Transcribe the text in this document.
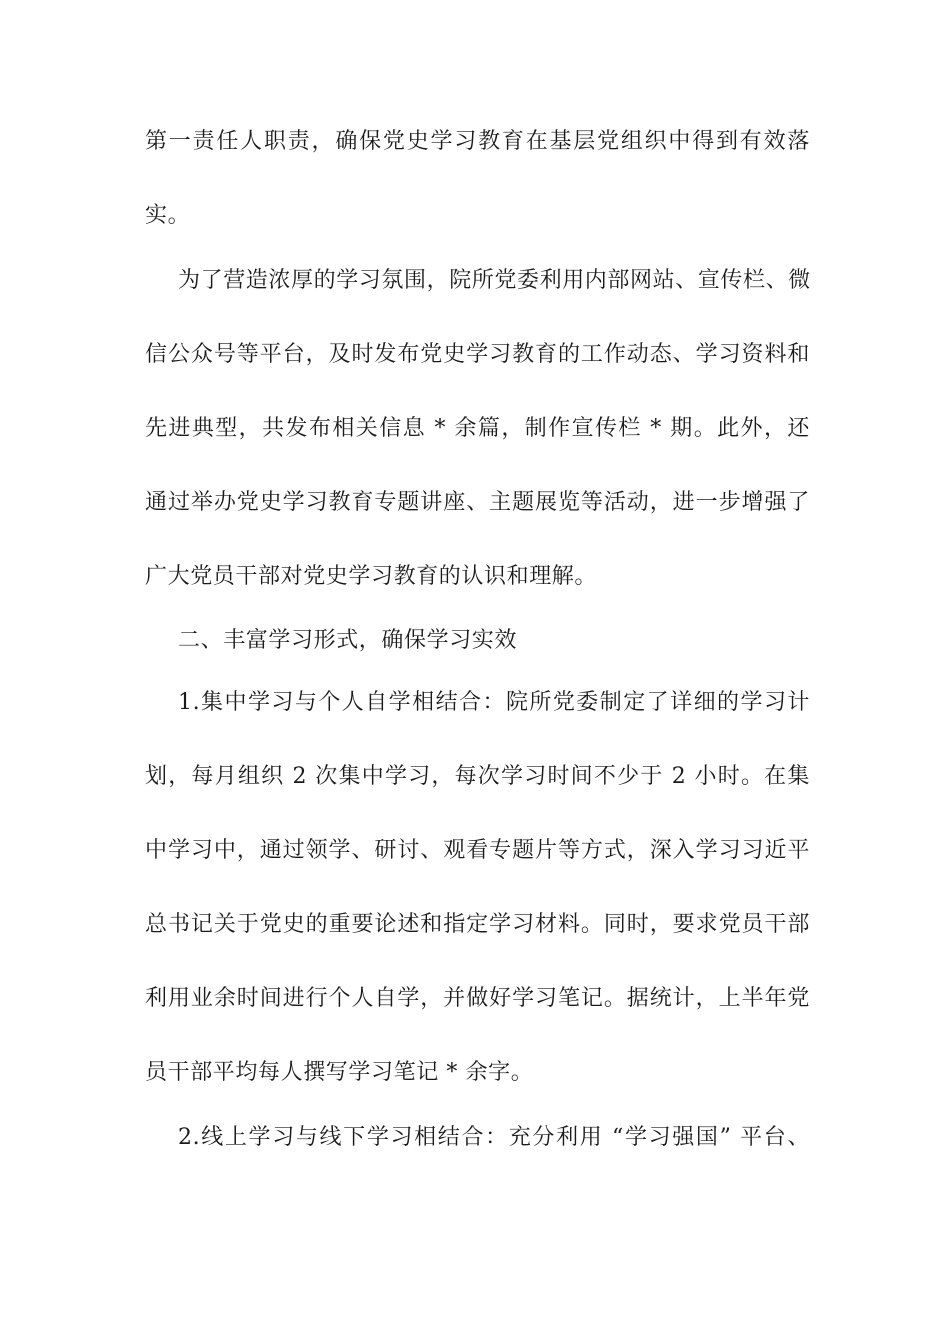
第一责任人职责，确保党史学习教育在基层党组织中得到有效落
实。
为了营造浓厚的学习氛围，院所党委利用内部网站、宣传栏、微
信公众号等平台，及时发布党史学习教育的工作动态、学习资料和
先进典型，共发布相关信息 * 余篇，制作宣传栏 * 期。此外，还
通过举办党史学习教育专题讲座、主题展览等活动，进一步增强了
广大党员干部对党史学习教育的认识和理解。
二、丰富学习形式，确保学习实效
1.集中学习与个人自学相结合：院所党委制定了详细的学习计
划，每月组织 2 次集中学习，每次学习时间不少于 2 小时。在集
中学习中，通过领学、研讨、观看专题片等方式，深入学习习近平
总书记关于党史的重要论述和指定学习材料。同时，要求党员干部
利用业余时间进行个人自学，并做好学习笔记。据统计，上半年党
员干部平均每人撰写学习笔记 * 余字。
2.线上学习与线下学习相结合：充分利用 “学习强国” 平台、
